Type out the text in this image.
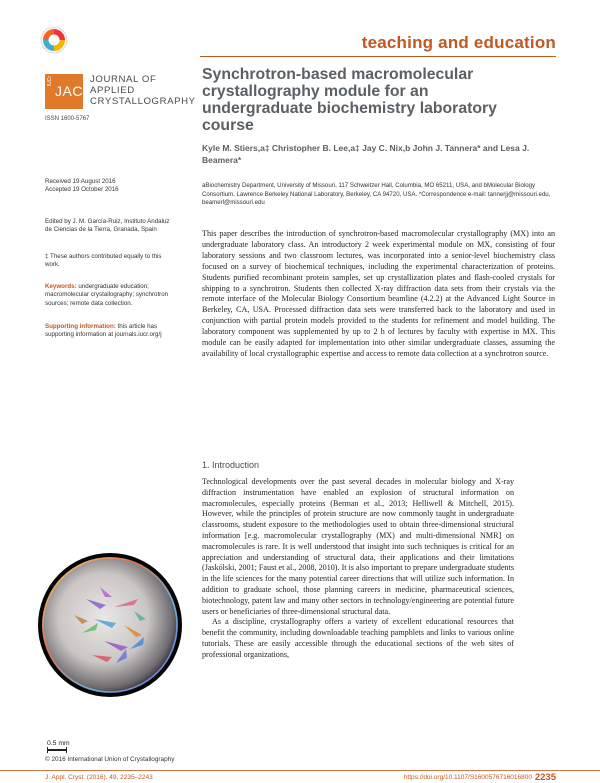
teaching and education
IUCr
JAC
JOURNAL OF
APPLIED
CRYSTALLOGRAPHY
ISSN 1600-5767
Received 19 August 2016
Accepted 19 October 2016
Edited by J. M. García-Ruiz, Instituto Andaluz de Ciencias de la Tierra, Granada, Spain
‡ These authors contributed equally to this work.
Keywords: undergraduate education; macromolecular crystallography; synchrotron sources; remote data collection.
Supporting information: this article has supporting information at journals.iucr.org/j
Synchrotron-based macromolecular crystallography module for an undergraduate biochemistry laboratory course
Kyle M. Stiers,a‡ Christopher B. Lee,a‡ Jay C. Nix,b John J. Tannera* and Lesa J. Beamera*
aBiochemistry Department, University of Missouri, 117 Schweitzer Hall, Columbia, MO 65211, USA, and bMolecular Biology Consortium, Lawrence Berkeley National Laboratory, Berkeley, CA 94720, USA. *Correspondence e-mail: tannerjj@missouri.edu, beamerl@missouri.edu
This paper describes the introduction of synchrotron-based macromolecular crystallography (MX) into an undergraduate laboratory class. An introductory 2 week experimental module on MX, consisting of four laboratory sessions and two classroom lectures, was incorporated into a senior-level biochemistry class focused on a survey of biochemical techniques, including the experimental characterization of proteins. Students purified recombinant protein samples, set up crystallization plates and flash-cooled crystals for shipping to a synchrotron. Students then collected X-ray diffraction data sets from their crystals via the remote interface of the Molecular Biology Consortium beamline (4.2.2) at the Advanced Light Source in Berkeley, CA, USA. Processed diffraction data sets were transferred back to the laboratory and used in conjunction with partial protein models provided to the students for refinement and model building. The laboratory component was supplemented by up to 2 h of lectures by faculty with expertise in MX. This module can be easily adapted for implementation into other similar undergraduate classes, assuming the availability of local crystallographic expertise and access to remote data collection at a synchrotron source.
1. Introduction

Technological developments over the past several decades in molecular biology and X-ray diffraction instrumentation have enabled an explosion of structural information on macromolecules, especially proteins (Berman et al., 2013; Helliwell & Mitchell, 2015). However, while the principles of protein structure are now commonly taught in undergraduate classrooms, student exposure to the methodologies used to obtain three-dimensional structural information [e.g. macromolecular crystallography (MX) and multi-dimensional NMR] on macromolecules is rare. It is well understood that insight into such techniques is critical for an appreciation and understanding of structural data, their applications and their limitations (Jaskólski, 2001; Faust et al., 2008, 2010). It is also important to prepare undergraduate students in the life sciences for the many potential career directions that will utilize such information. In addition to graduate school, those planning careers in medicine, pharmaceutical sciences, biotechnology, patent law and many other sectors in technology/engineering are potential future users or beneficiaries of three-dimensional structural data.

As a discipline, crystallography offers a variety of excellent educational resources that benefit the community, including downloadable teaching pamphlets and links to various online tutorials. These are easily accessible through the educational sections of the web sites of professional organizations,

0.5 mm
© 2016 International Union of Crystallography
J. Appl. Cryst. (2016). 49, 2235–2243	https://doi.org/10.1107/S1600576716016800 2235
